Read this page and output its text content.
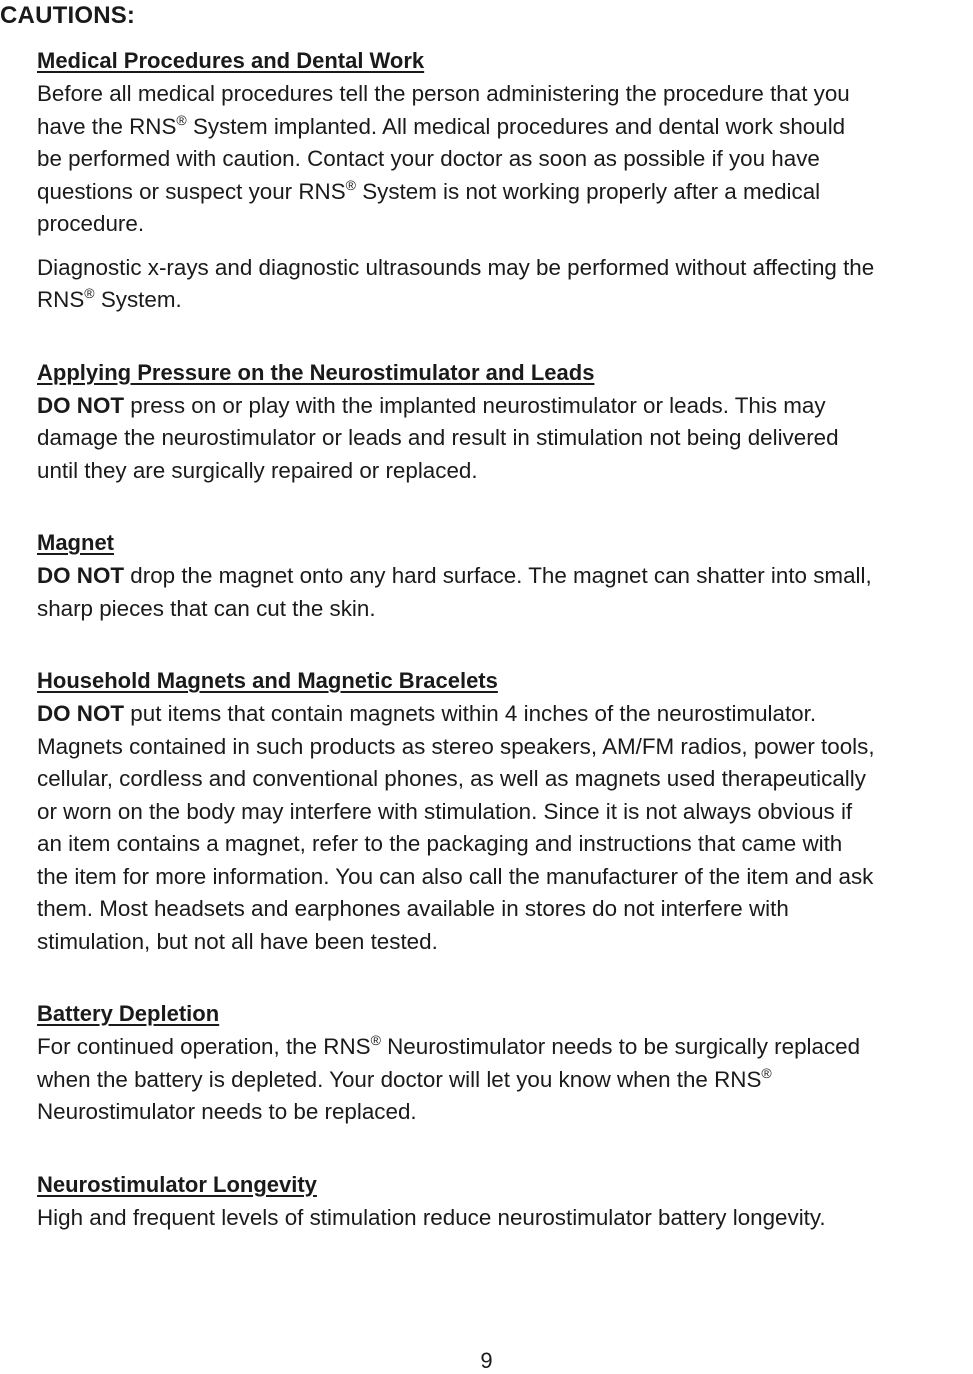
CAUTIONS:
Medical Procedures and Dental Work

Before all medical procedures tell the person administering the procedure that you
have the RNS® System implanted. All medical procedures and dental work should
be performed with caution. Contact your doctor as soon as possible if you have
questions or suspect your RNS® System is not working properly after a medical
procedure.

Diagnostic x-rays and diagnostic ultrasounds may be performed without affecting the
RNS® System.

Applying Pressure on the Neurostimulator and Leads

DO NOT press on or play with the implanted neurostimulator or leads. This may
damage the neurostimulator or leads and result in stimulation not being delivered
until they are surgically repaired or replaced.

Magnet

DO NOT drop the magnet onto any hard surface. The magnet can shatter into small,
sharp pieces that can cut the skin.

Household Magnets and Magnetic Bracelets

DO NOT put items that contain magnets within 4 inches of the neurostimulator.
Magnets contained in such products as stereo speakers, AM/FM radios, power tools,
cellular, cordless and conventional phones, as well as magnets used therapeutically
or worn on the body may interfere with stimulation. Since it is not always obvious if
an item contains a magnet, refer to the packaging and instructions that came with
the item for more information. You can also call the manufacturer of the item and ask
them. Most headsets and earphones available in stores do not interfere with
stimulation, but not all have been tested.

Battery Depletion

For continued operation, the RNS® Neurostimulator needs to be surgically replaced
when the battery is depleted. Your doctor will let you know when the RNS®
Neurostimulator needs to be replaced.

Neurostimulator Longevity

High and frequent levels of stimulation reduce neurostimulator battery longevity.

9
